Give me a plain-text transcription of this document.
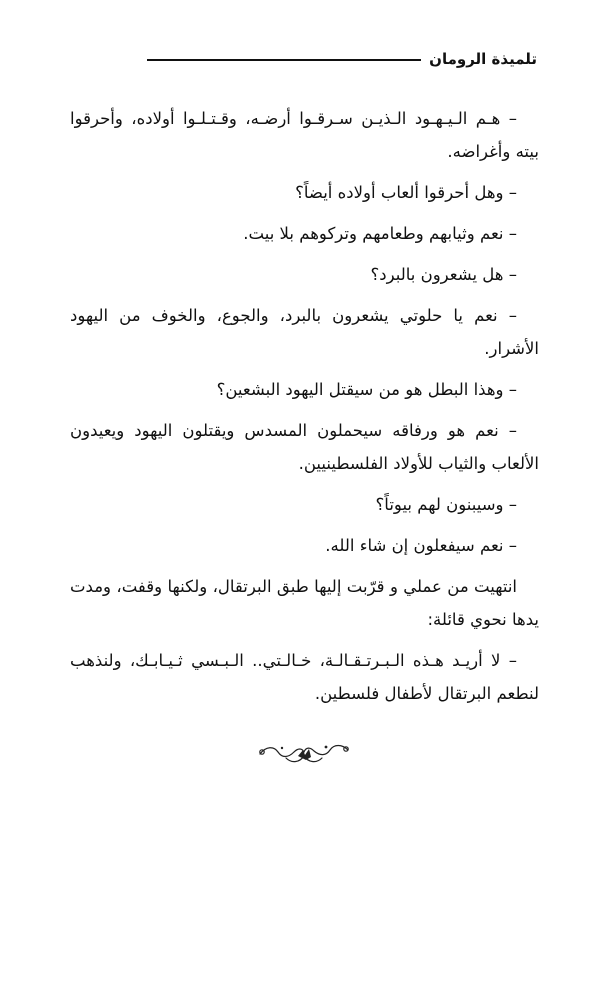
تلميذة الرومان

– هـم الـيـهـود الـذيـن سـرقـوا أرضـه، وقـتـلـوا أولاده، وأحرقوا بيته وأغراضه.

– وهل أحرقوا ألعاب أولاده أيضاً؟

– نعم وثيابهم وطعامهم وتركوهم بلا بيت.

– هل يشعرون بالبرد؟

– نعم يا حلوتي يشعرون بالبرد، والجوع، والخوف من اليهود الأشرار.

– وهذا البطل هو من سيقتل اليهود البشعين؟

– نعم هو ورفاقه سيحملون المسدس ويقتلون اليهود ويعيدون الألعاب والثياب للأولاد الفلسطينيين.

– وسيبنون لهم بيوتاً؟

– نعم سيفعلون إن شاء الله.

انتهيت من عملي و قرّبت إليها طبق البرتقال، ولكنها وقفت، ومدت يدها نحوي قائلة:

– لا أريـد هـذه الـبـرتـقـالـة، خـالـتي.. الـبـسي ثـيـابـك، ولنذهب لنطعم البرتقال لأطفال فلسطين.
